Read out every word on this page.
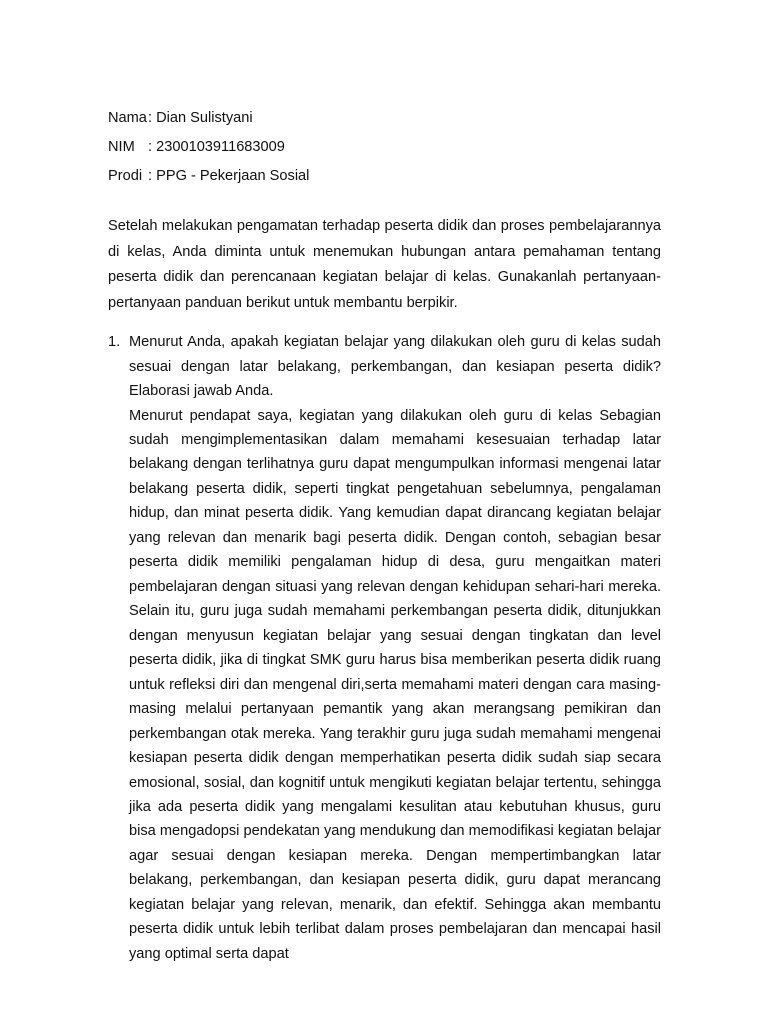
Nama : Dian Sulistyani
NIM : 2300103911683009
Prodi : PPG - Pekerjaan Sosial

Setelah melakukan pengamatan terhadap peserta didik dan proses pembelajarannya di kelas, Anda diminta untuk menemukan hubungan antara pemahaman tentang peserta didik dan perencanaan kegiatan belajar di kelas. Gunakanlah pertanyaan-pertanyaan panduan berikut untuk membantu berpikir.

1. Menurut Anda, apakah kegiatan belajar yang dilakukan oleh guru di kelas sudah sesuai dengan latar belakang, perkembangan, dan kesiapan peserta didik? Elaborasi jawab Anda.

Menurut pendapat saya, kegiatan yang dilakukan oleh guru di kelas Sebagian sudah mengimplementasikan dalam memahami kesesuaian terhadap latar belakang dengan terlihatnya guru dapat mengumpulkan informasi mengenai latar belakang peserta didik, seperti tingkat pengetahuan sebelumnya, pengalaman hidup, dan minat peserta didik. Yang kemudian dapat dirancang kegiatan belajar yang relevan dan menarik bagi peserta didik. Dengan contoh, sebagian besar peserta didik memiliki pengalaman hidup di desa, guru mengaitkan materi pembelajaran dengan situasi yang relevan dengan kehidupan sehari-hari mereka. Selain itu, guru juga sudah memahami perkembangan peserta didik, ditunjukkan dengan menyusun kegiatan belajar yang sesuai dengan tingkatan dan level peserta didik, jika di tingkat SMK guru harus bisa memberikan peserta didik ruang untuk refleksi diri dan mengenal diri,serta memahami materi dengan cara masing-masing melalui pertanyaan pemantik yang akan merangsang pemikiran dan perkembangan otak mereka. Yang terakhir guru juga sudah memahami mengenai kesiapan peserta didik dengan memperhatikan peserta didik sudah siap secara emosional, sosial, dan kognitif untuk mengikuti kegiatan belajar tertentu, sehingga jika ada peserta didik yang mengalami kesulitan atau kebutuhan khusus, guru bisa mengadopsi pendekatan yang mendukung dan memodifikasi kegiatan belajar agar sesuai dengan kesiapan mereka. Dengan mempertimbangkan latar belakang, perkembangan, dan kesiapan peserta didik, guru dapat merancang kegiatan belajar yang relevan, menarik, dan efektif. Sehingga akan membantu peserta didik untuk lebih terlibat dalam proses pembelajaran dan mencapai hasil yang optimal serta dapat
